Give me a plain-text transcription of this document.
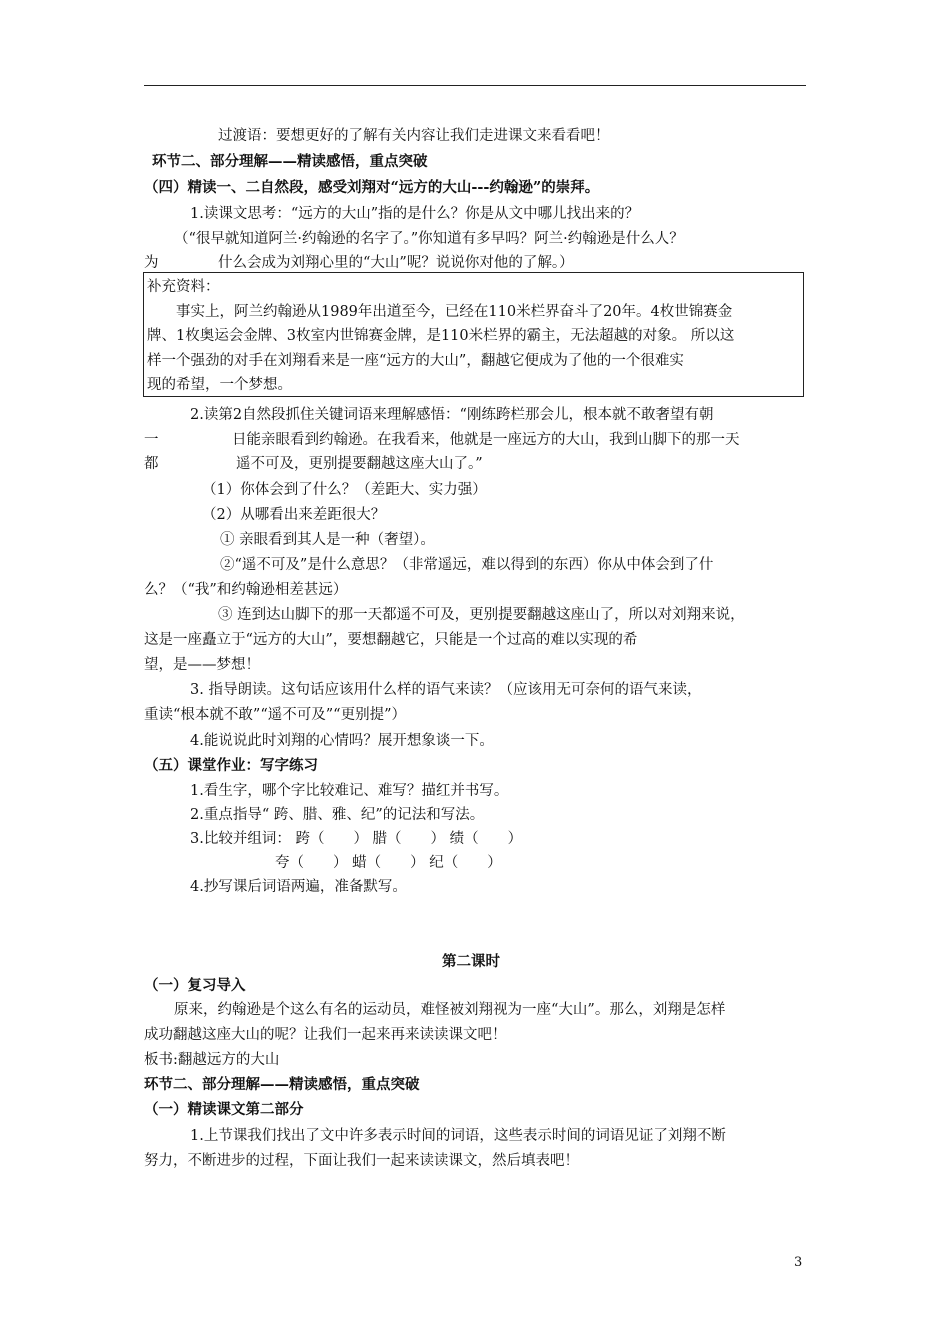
过渡语：要想更好的了解有关内容让我们走进课文来看看吧！
环节二、部分理解——精读感悟，重点突破
（四）精读一、二自然段，感受刘翔对“远方的大山---约翰逊”的崇拜。
1.读课文思考：“远方的大山”指的是什么？你是从文中哪儿找出来的？
（“很早就知道阿兰·约翰逊的名字了。”你知道有多早吗？阿兰·约翰逊是什么人？
为	什么会成为刘翔心里的“大山”呢？说说你对他的了解。）
补充资料：
事实上，阿兰约翰逊从1989年出道至今，已经在110米栏界奋斗了20年。4枚世锦赛金
牌、1枚奥运会金牌、3枚室内世锦赛金牌，是110米栏界的霸主，无法超越的对象。 所以这
样一个强劲的对手在刘翔看来是一座“远方的大山”，翻越它便成为了他的一个很难实
现的希望，一个梦想。
2.读第2自然段抓住关键词语来理解感悟：“刚练跨栏那会儿，根本就不敢奢望有朝
一	日能亲眼看到约翰逊。在我看来，他就是一座远方的大山，我到山脚下的那一天
都	遥不可及，更别提要翻越这座大山了。”
（1）你体会到了什么？（差距大、实力强）
（2）从哪看出来差距很大？
① 亲眼看到其人是一种（奢望）。
②“遥不可及”是什么意思？（非常遥远，难以得到的东西）你从中体会到了什
么？（“我”和约翰逊相差甚远）
③ 连到达山脚下的那一天都遥不可及，更别提要翻越这座山了，所以对刘翔来说，
这是一座矗立于“远方的大山”，要想翻越它，只能是一个过高的难以实现的希
望，是——梦想！
3. 指导朗读。这句话应该用什么样的语气来读？（应该用无可奈何的语气来读，
重读“根本就不敢”“遥不可及”“更别提”）
4.能说说此时刘翔的心情吗？展开想象谈一下。
（五）课堂作业：写字练习
1.看生字，哪个字比较难记、难写？描红并书写。
2.重点指导“ 跨、腊、雅、纪”的记法和写法。
3.比较并组词： 跨（　　） 腊（　　） 绩（　　）
夸（　　） 蜡（　　） 纪（　　）
4.抄写课后词语两遍，准备默写。
第二课时
（一）复习导入
原来，约翰逊是个这么有名的运动员，难怪被刘翔视为一座“大山”。那么，刘翔是怎样
成功翻越这座大山的呢？让我们一起来再来读读课文吧！
板书:翻越远方的大山
环节二、部分理解——精读感悟，重点突破
（一）精读课文第二部分
1.上节课我们找出了文中许多表示时间的词语，这些表示时间的词语见证了刘翔不断
努力，不断进步的过程，下面让我们一起来读读课文，然后填表吧！
3
